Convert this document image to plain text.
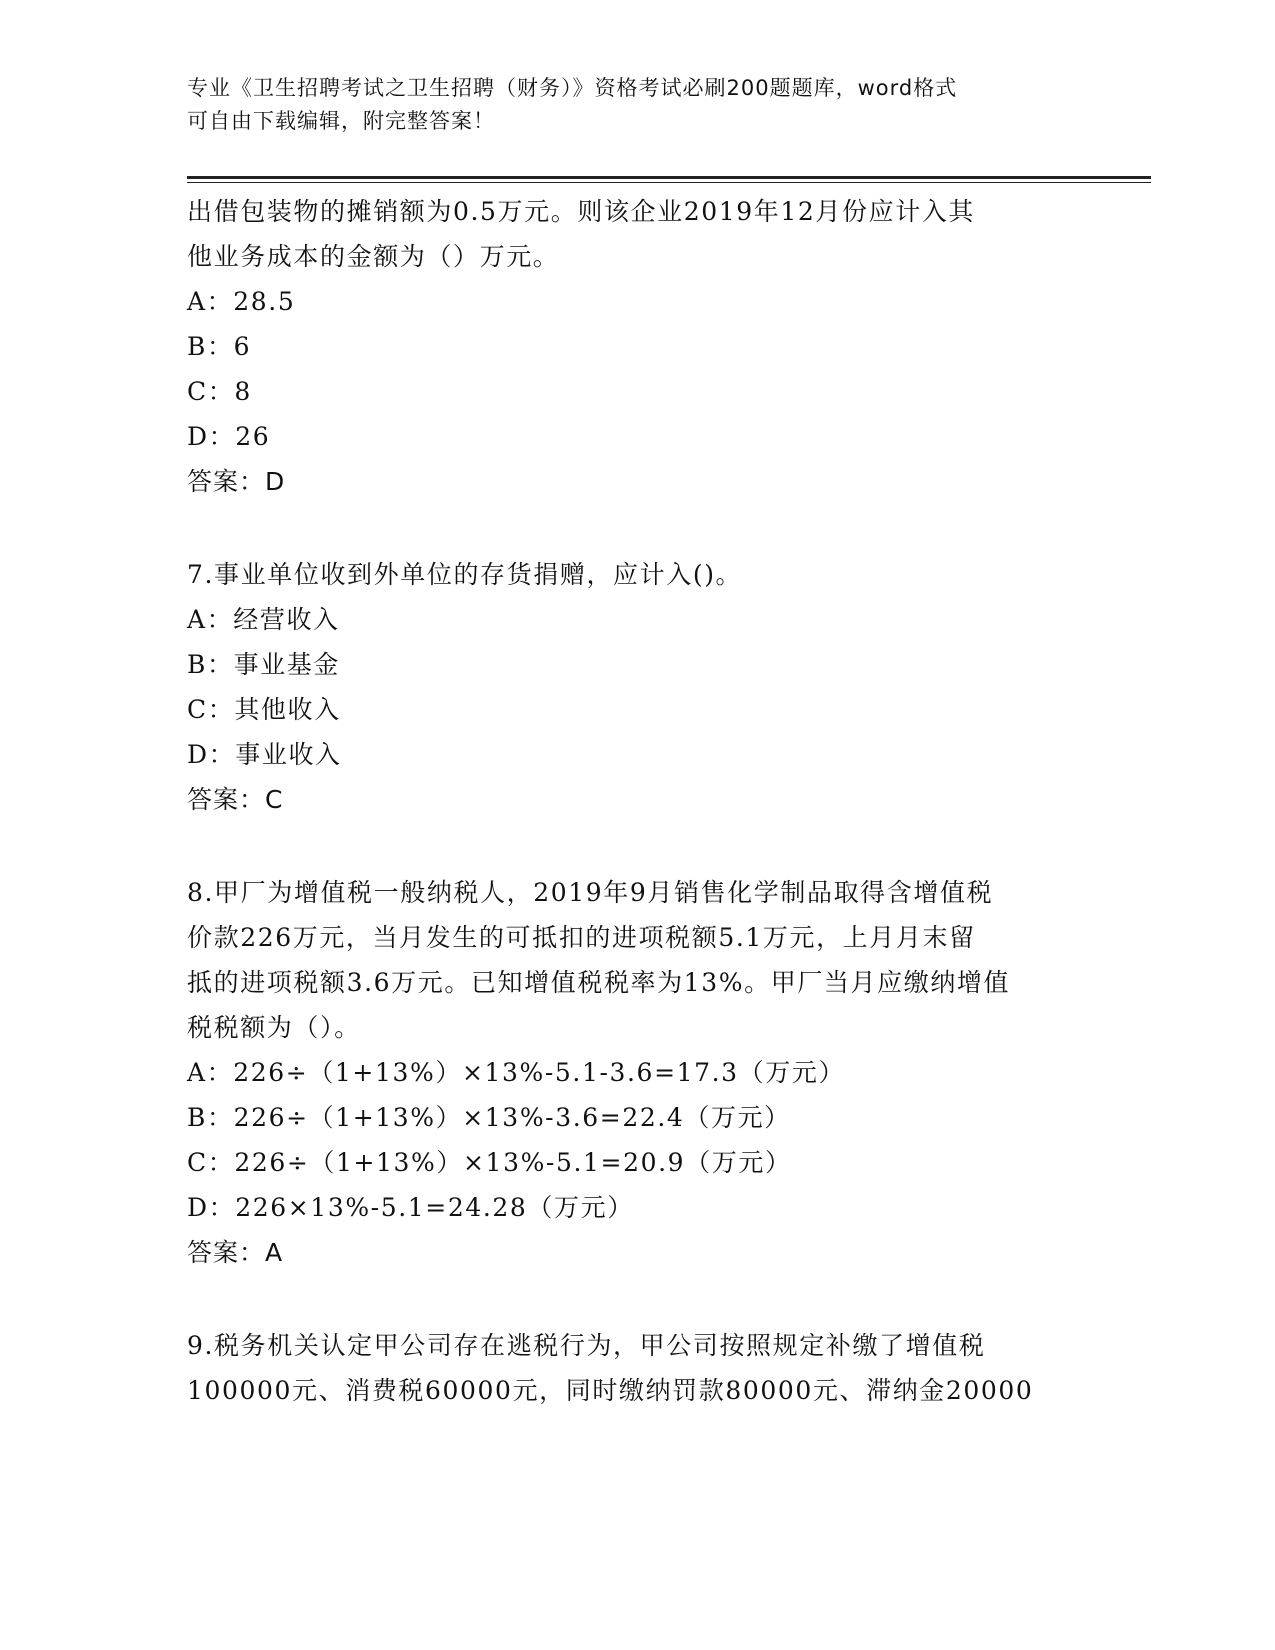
专业《卫生招聘考试之卫生招聘（财务）》资格考试必刷200题题库，word格式
可自由下载编辑，附完整答案！
出借包装物的摊销额为0.5万元。则该企业2019年12月份应计入其
他业务成本的金额为（）万元。
A：28.5
B：6
C：8
D：26
答案：D
7.事业单位收到外单位的存货捐赠，应计入()。
A：经营收入
B：事业基金
C：其他收入
D：事业收入
答案：C
8.甲厂为增值税一般纳税人，2019年9月销售化学制品取得含增值税
价款226万元，当月发生的可抵扣的进项税额5.1万元，上月月末留
抵的进项税额3.6万元。已知增值税税率为13%。甲厂当月应缴纳增值
税税额为（）。
A：226÷（1+13%）×13%-5.1-3.6=17.3（万元）
B：226÷（1+13%）×13%-3.6=22.4（万元）
C：226÷（1+13%）×13%-5.1=20.9（万元）
D：226×13%-5.1=24.28（万元）
答案：A
9.税务机关认定甲公司存在逃税行为，甲公司按照规定补缴了增值税
100000元、消费税60000元，同时缴纳罚款80000元、滞纳金20000
